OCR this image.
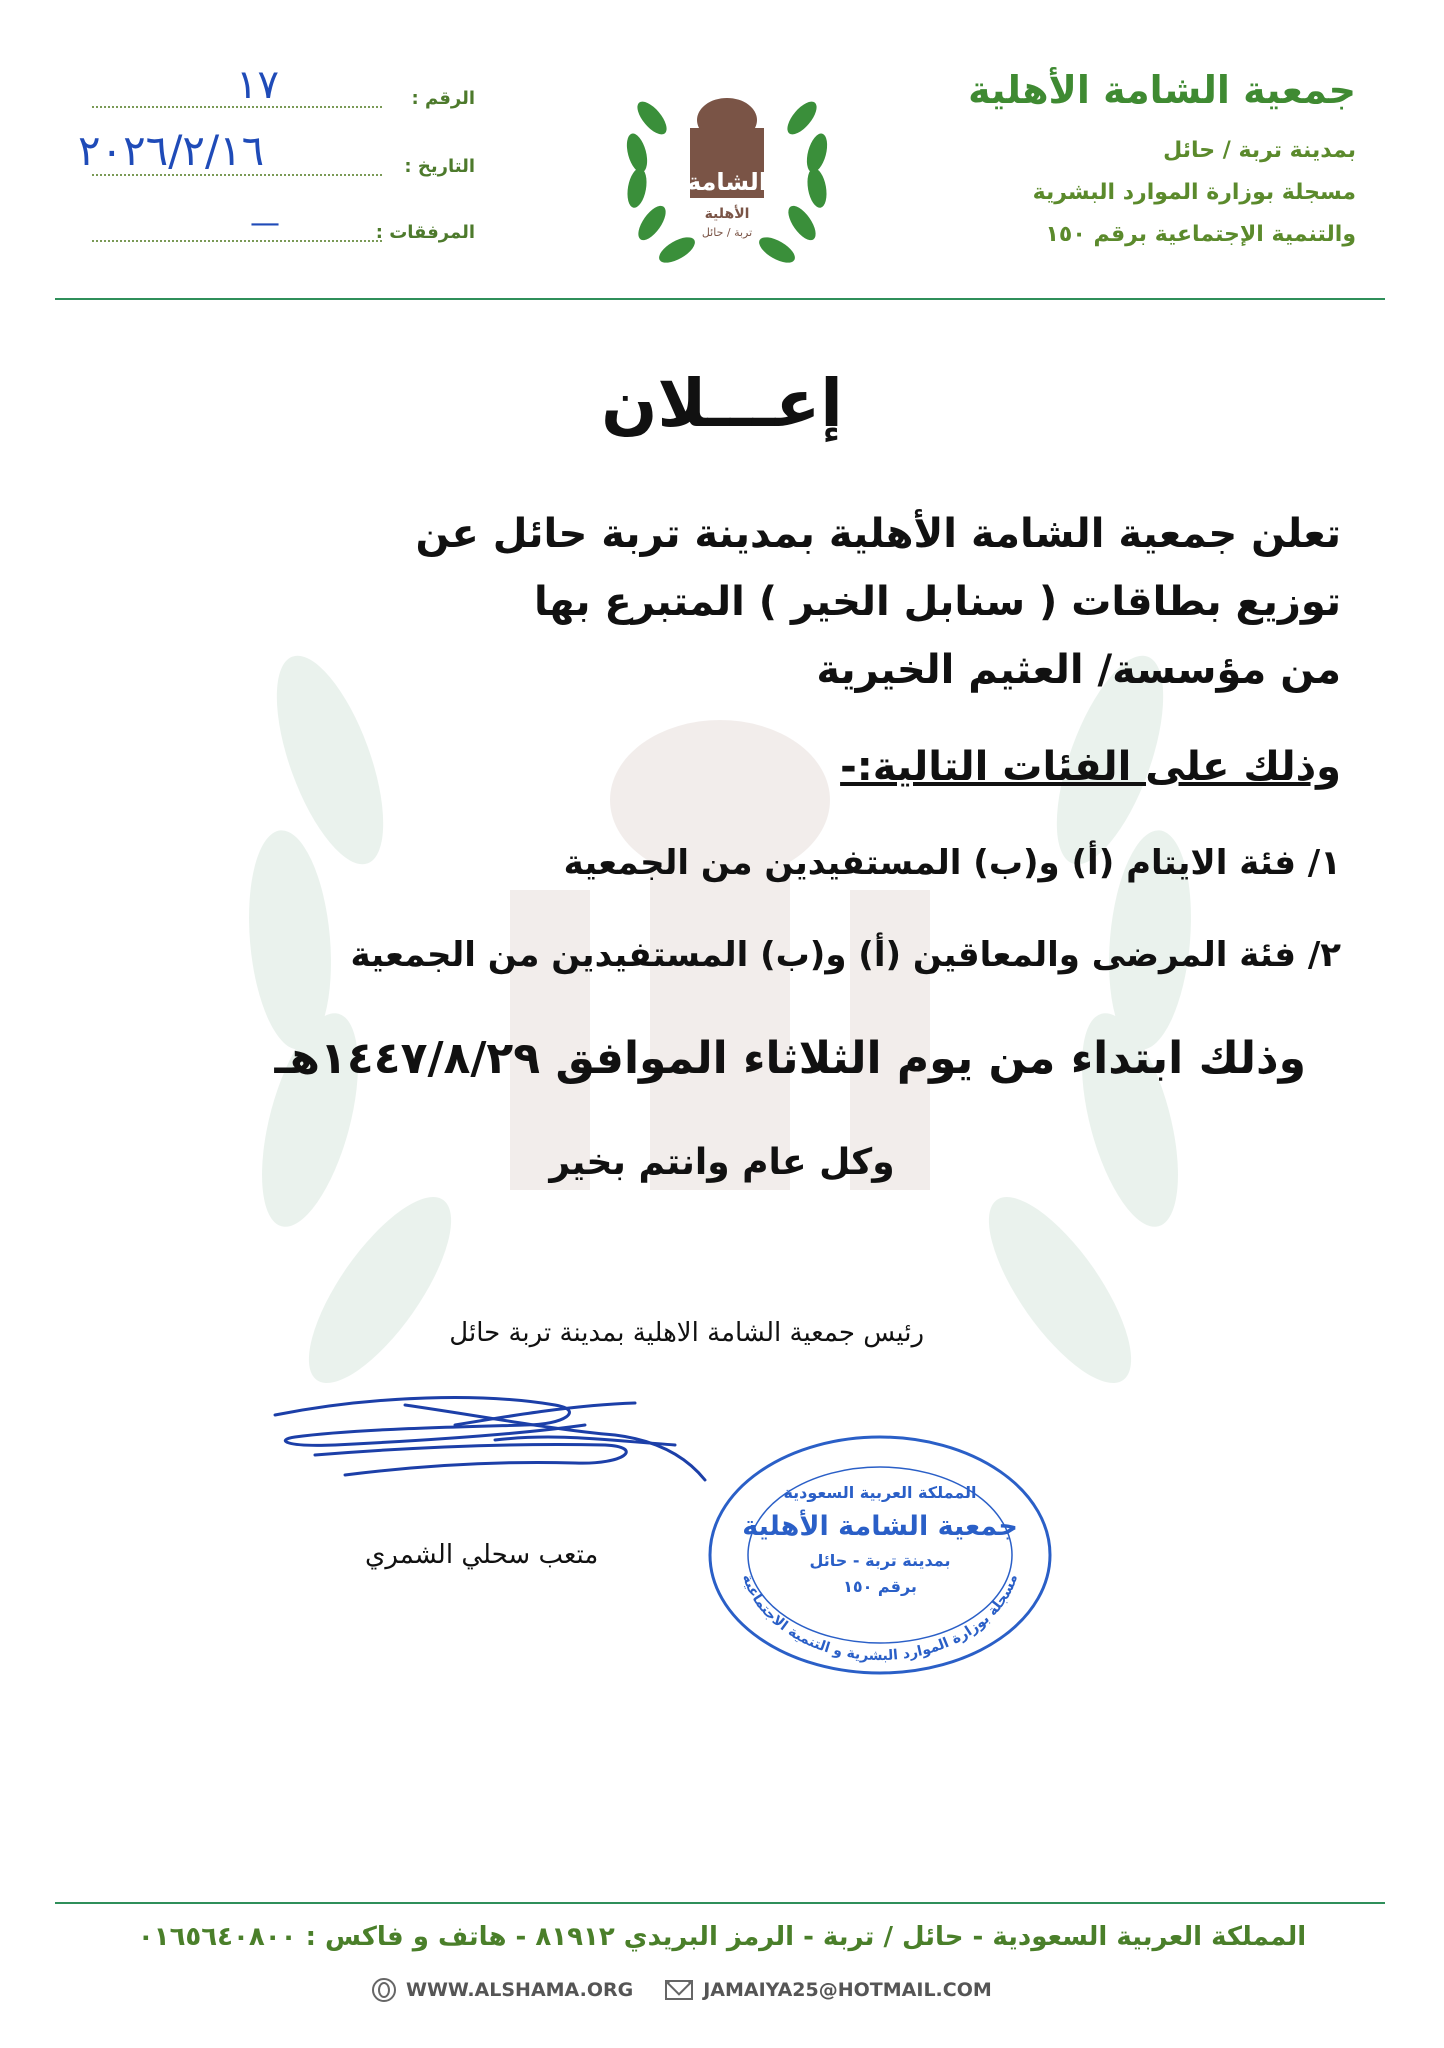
جمعية الشامة الأهلية
بمدينة تربة / حائل
مسجلة بوزارة الموارد البشرية
والتنمية الإجتماعية برقم ١٥٠
الشامة
الأهلية
تربة / حائل
الرقم :
١٧
التاريخ :
٢٠٢٦/٢/١٦
المرفقات :
—
إعـــلان
تعلن جمعية الشامة الأهلية بمدينة تربة حائل عن
توزيع بطاقات ( سنابل الخير ) المتبرع بها
من مؤسسة/ العثيم الخيرية
وذلك على الفئات التالية:-
١/ فئة الايتام (أ) و(ب) المستفيدين من الجمعية
٢/ فئة المرضى والمعاقين (أ) و(ب) المستفيدين من الجمعية
وذلك ابتداء من يوم الثلاثاء الموافق ١٤٤٧/٨/٢٩هـ
وكل عام وانتم بخير
رئيس جمعية الشامة الاهلية بمدينة تربة حائل
متعب سحلي الشمري
المملكة العربية السعودية
جمعية الشامة الأهلية
بمدينة تربة - حائل
برقم ١٥٠
مسجلة بوزارة الموارد البشرية و التنمية الاجتماعية
المملكة العربية السعودية - حائل / تربة - الرمز البريدي ٨١٩١٢ - هاتف و فاكس : ٠١٦٥٦٤٠٨٠٠
WWW.ALSHAMA.ORG	JAMAIYA25@HOTMAIL.COM
